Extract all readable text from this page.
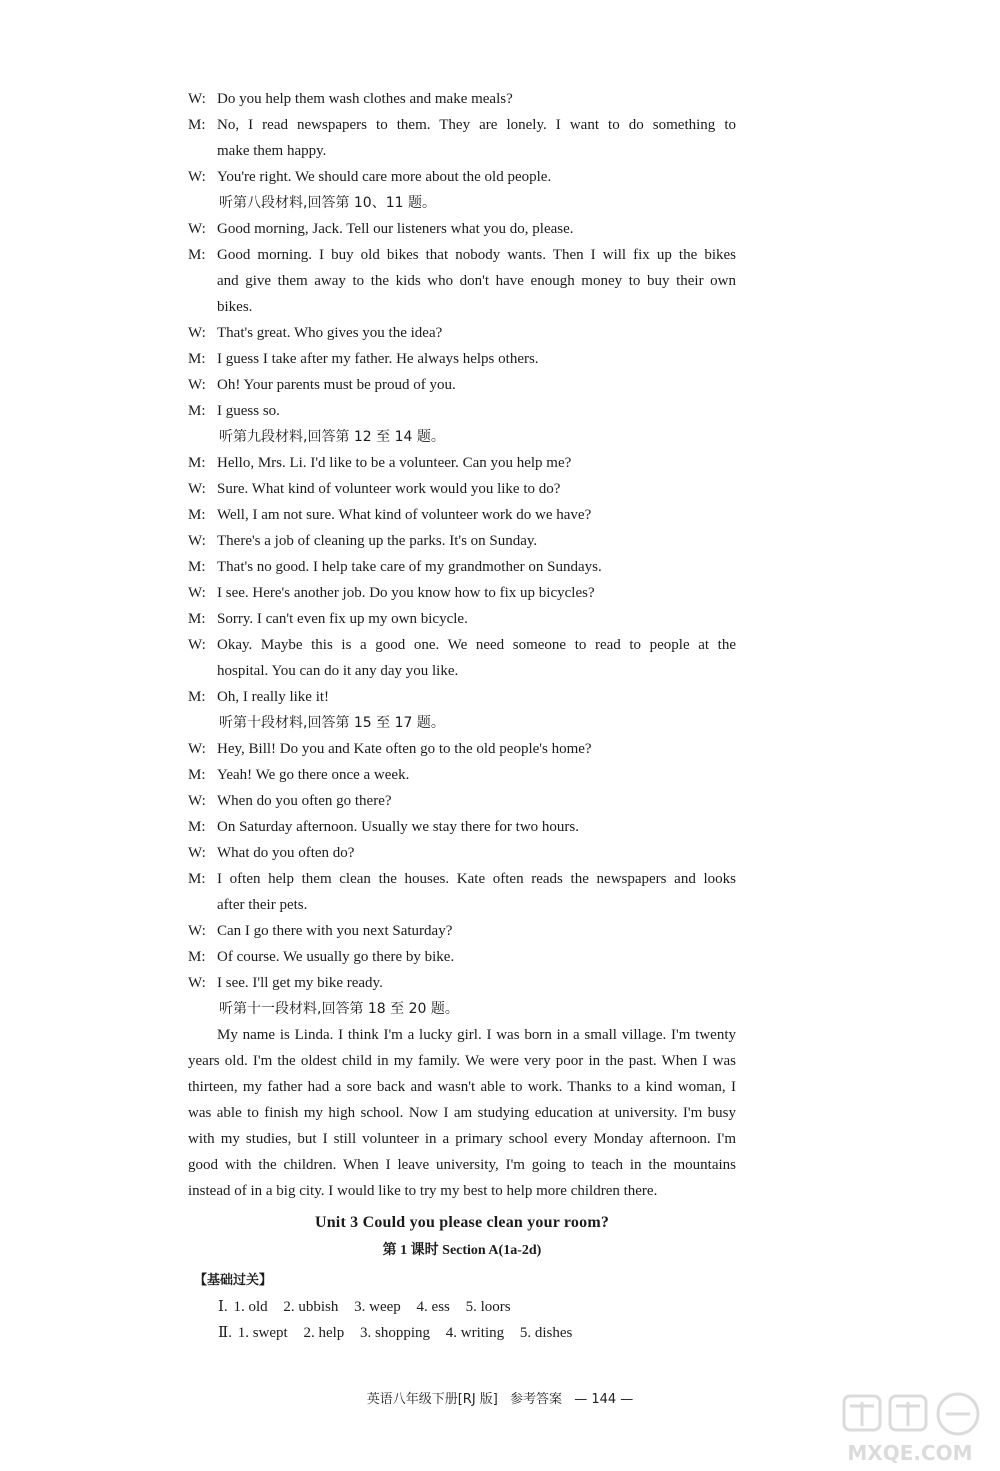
W: Do you help them wash clothes and make meals?
M: No, I read newspapers to them. They are lonely. I want to do something to
make them happy.
W: You're right. We should care more about the old people.
听第八段材料,回答第 10、11 题。
W: Good morning, Jack. Tell our listeners what you do, please.
M: Good morning. I buy old bikes that nobody wants. Then I will fix up the bikes
and give them away to the kids who don't have enough money to buy their own
bikes.
W: That's great. Who gives you the idea?
M: I guess I take after my father. He always helps others.
W: Oh! Your parents must be proud of you.
M: I guess so.
听第九段材料,回答第 12 至 14 题。
M: Hello, Mrs. Li. I'd like to be a volunteer. Can you help me?
W: Sure. What kind of volunteer work would you like to do?
M: Well, I am not sure. What kind of volunteer work do we have?
W: There's a job of cleaning up the parks. It's on Sunday.
M: That's no good. I help take care of my grandmother on Sundays.
W: I see. Here's another job. Do you know how to fix up bicycles?
M: Sorry. I can't even fix up my own bicycle.
W: Okay. Maybe this is a good one. We need someone to read to people at the
hospital. You can do it any day you like.
M: Oh, I really like it!
听第十段材料,回答第 15 至 17 题。
W: Hey, Bill! Do you and Kate often go to the old people's home?
M: Yeah! We go there once a week.
W: When do you often go there?
M: On Saturday afternoon. Usually we stay there for two hours.
W: What do you often do?
M: I often help them clean the houses. Kate often reads the newspapers and looks
after their pets.
W: Can I go there with you next Saturday?
M: Of course. We usually go there by bike.
W: I see. I'll get my bike ready.
听第十一段材料,回答第 18 至 20 题。
My name is Linda. I think I'm a lucky girl. I was born in a small village. I'm twenty years old. I'm the oldest child in my family. We were very poor in the past. When I was thirteen, my father had a sore back and wasn't able to work. Thanks to a kind woman, I was able to finish my high school. Now I am studying education at university. I'm busy with my studies, but I still volunteer in a primary school every Monday afternoon. I'm good with the children. When I leave university, I'm going to teach in the mountains instead of in a big city. I would like to try my best to help more children there.
Unit 3 Could you please clean your room?
第 1 课时 Section A(1a-2d)
【基础过关】
Ⅰ. 1. old 2. ubbish 3. weep 4. ess 5. loors
Ⅱ. 1. swept 2. help 3. shopping 4. writing 5. dishes
英语八年级下册[RJ 版] 参考答案 — 144 —
MXQE.COM
